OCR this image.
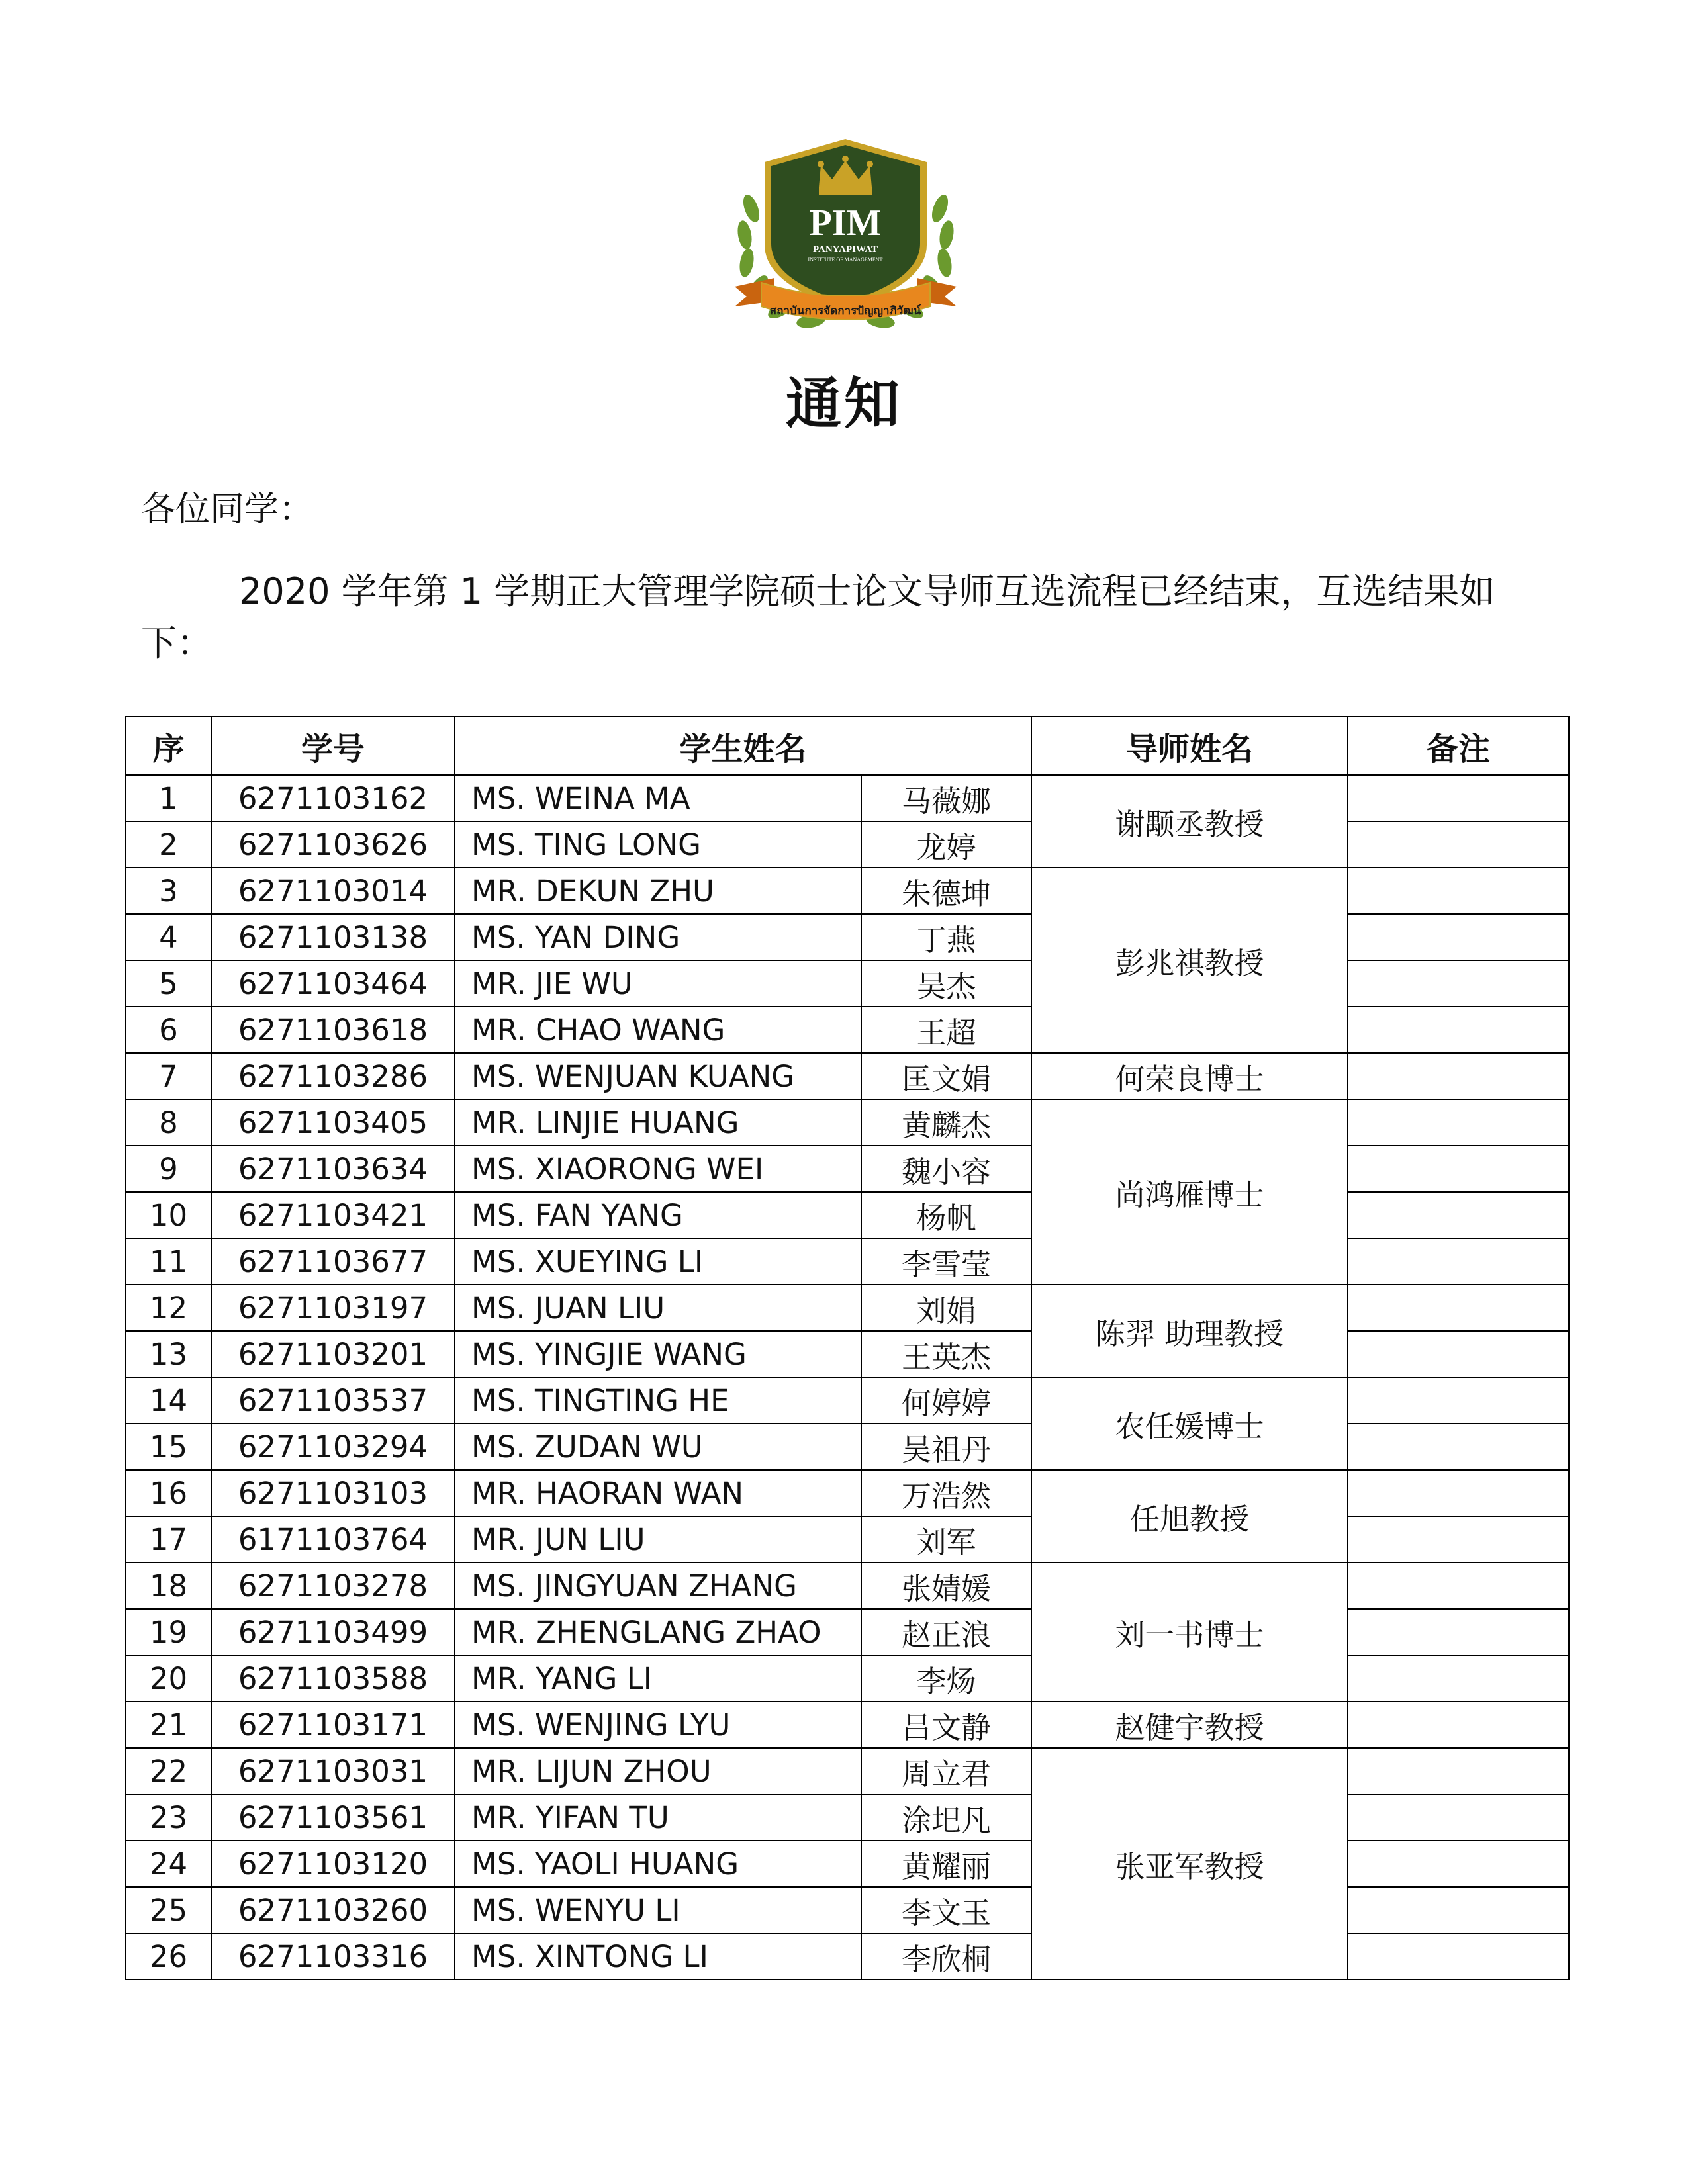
PIM
PANYAPIWAT
INSTITUTE OF MANAGEMENT
สถาบันการจัดการปัญญาภิวัฒน์
通知
各位同学：
2020 学年第 1 学期正大管理学院硕士论文导师互选流程已经结束，互选结果如下：
序	学号	学生姓名		导师姓名	备注
1	6271103162	MS. WEINA MA	马薇娜	谢颙丞教授	
2	6271103626	MS. TING LONG	龙婷		
3	6271103014	MR. DEKUN ZHU	朱德坤	彭兆祺教授	
4	6271103138	MS. YAN DING	丁燕		
5	6271103464	MR. JIE WU	吴杰		
6	6271103618	MR. CHAO WANG	王超		
7	6271103286	MS. WENJUAN KUANG	匡文娟	何荣良博士	
8	6271103405	MR. LINJIE HUANG	黄麟杰	尚鸿雁博士	
9	6271103634	MS. XIAORONG WEI	魏小容		
10	6271103421	MS. FAN YANG	杨帆		
11	6271103677	MS. XUEYING LI	李雪莹		
12	6271103197	MS. JUAN LIU	刘娟	陈羿 助理教授	
13	6271103201	MS. YINGJIE WANG	王英杰		
14	6271103537	MS. TINGTING HE	何婷婷	农任媛博士	
15	6271103294	MS. ZUDAN WU	吴祖丹		
16	6271103103	MR. HAORAN WAN	万浩然	任旭教授	
17	6171103764	MR. JUN LIU	刘军		
18	6271103278	MS. JINGYUAN ZHANG	张婧媛	刘一书博士	
19	6271103499	MR. ZHENGLANG ZHAO	赵正浪		
20	6271103588	MR. YANG LI	李炀		
21	6271103171	MS. WENJING LYU	吕文静	赵健宇教授	
22	6271103031	MR. LIJUN ZHOU	周立君	张亚军教授	
23	6271103561	MR. YIFAN TU	涂圯凡		
24	6271103120	MS. YAOLI HUANG	黄耀丽		
25	6271103260	MS. WENYU LI	李文玉		
26	6271103316	MS. XINTONG LI	李欣桐		
